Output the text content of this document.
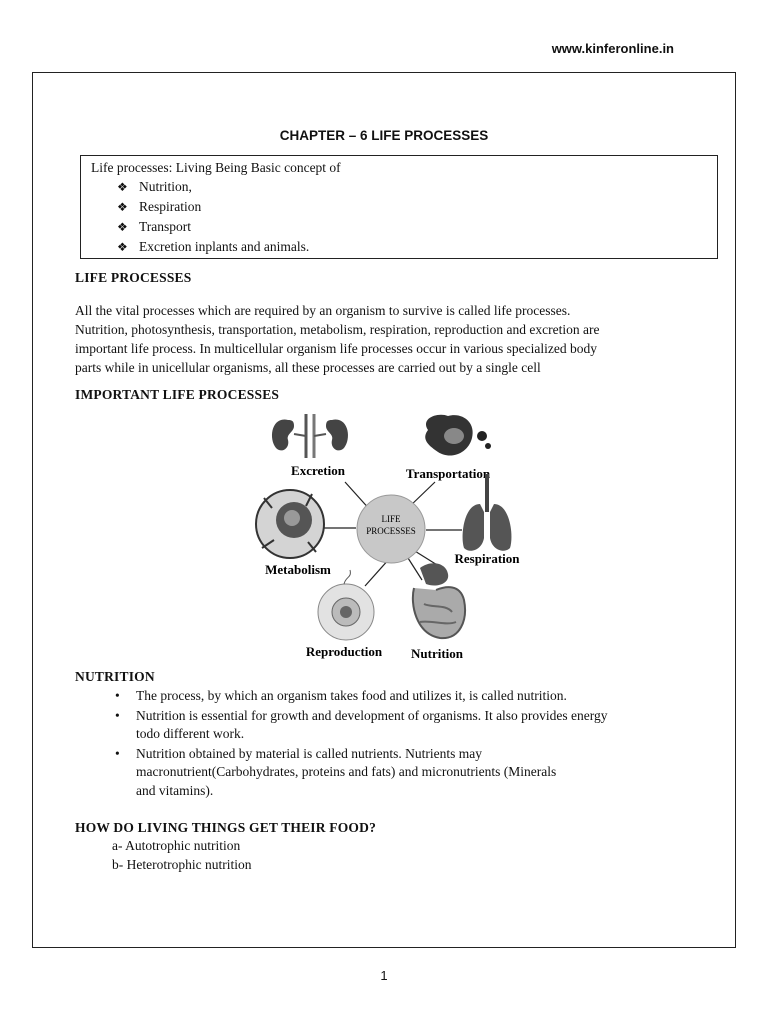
www.kinferonline.in
CHAPTER – 6 LIFE PROCESSES
Life processes: Living Being Basic concept of
❖ Nutrition,
❖ Respiration
❖ Transport
❖ Excretion inplants and animals.
LIFE PROCESSES

All the vital processes which are required by an organism to survive is called life processes.
Nutrition, photosynthesis, transportation, metabolism, respiration, reproduction and excretion are
important life process. In multicellular organism life processes occur in various specialized body
parts while in unicellular organisms, all these processes are carried out by a single cell

IMPORTANT LIFE PROCESSES
LIFE
PROCESSES
Excretion	Transportation
Metabolism
Respiration
Reproduction Nutrition
NUTRITION
• The process, by which an organism takes food and utilizes it, is called nutrition.
• Nutrition is essential for growth and development of organisms. It also provides energy
todo different work.
• Nutrition obtained by material is called nutrients. Nutrients may
macronutrient(Carbohydrates, proteins and fats) and micronutrients (Minerals
and vitamins).
HOW DO LIVING THINGS GET THEIR FOOD?
a- Autotrophic nutrition
b- Heterotrophic nutrition
1
